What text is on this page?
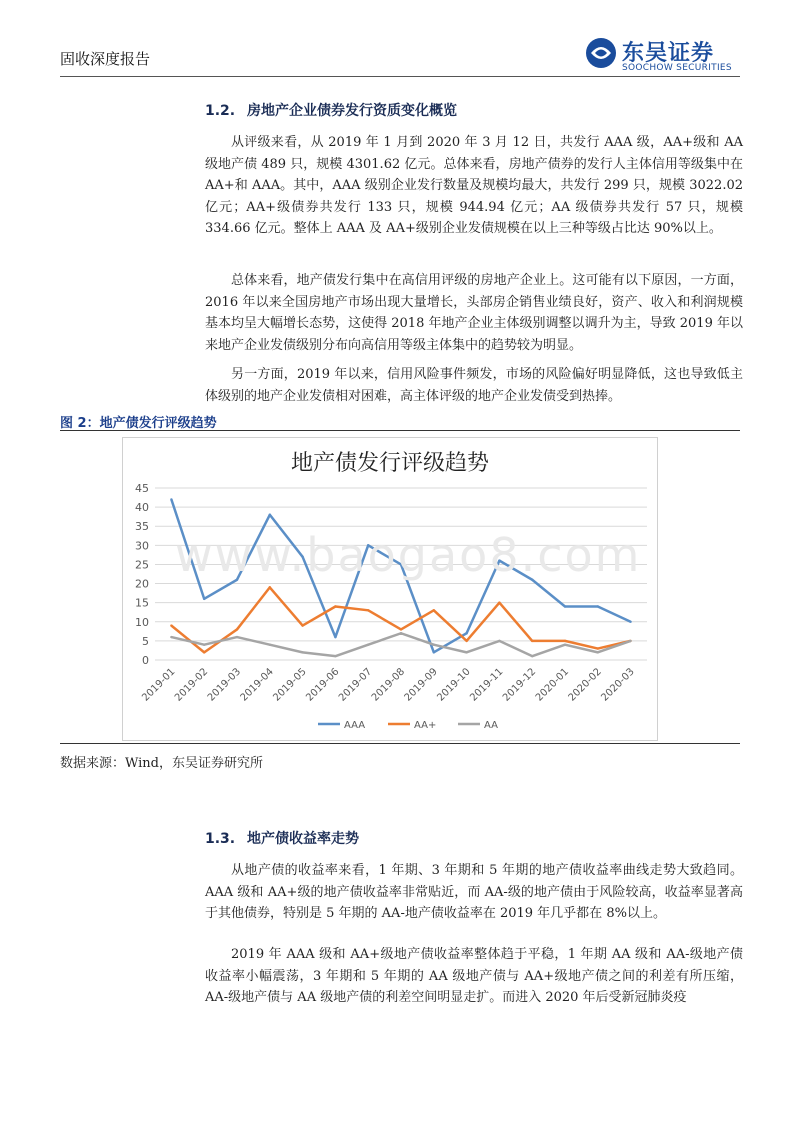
固收深度报告	东吴证券
SOOCHOW SECURITIES
1.2. 房地产企业债券发行资质变化概览
从评级来看，从 2019 年 1 月到 2020 年 3 月 12 日，共发行 AAA 级，AA+级和 AA 级地产债 489 只，规模 4301.62 亿元。总体来看，房地产债券的发行人主体信用等级集中在 AA+和 AAA。其中，AAA 级别企业发行数量及规模均最大，共发行 299 只，规模 3022.02 亿元；AA+级债券共发行 133 只，规模 944.94 亿元；AA 级债券共发行 57 只，规模 334.66 亿元。整体上 AAA 及 AA+级别企业发债规模在以上三种等级占比达 90%以上。
总体来看，地产债发行集中在高信用评级的房地产企业上。这可能有以下原因，一方面，2016 年以来全国房地产市场出现大量增长，头部房企销售业绩良好，资产、收入和利润规模基本均呈大幅增长态势，这使得 2018 年地产企业主体级别调整以调升为主，导致 2019 年以来地产企业发债级别分布向高信用等级主体集中的趋势较为明显。
另一方面，2019 年以来，信用风险事件频发，市场的风险偏好明显降低，这也导致低主体级别的地产企业发债相对困难，高主体评级的地产企业发债受到热捧。
图 2：地产债发行评级趋势
地产债发行评级趋势
0
5
10
15
20
25
30
35
40
45
2019-01
2019-02
2019-03
2019-04
2019-05
2019-06
2019-07
2019-08
2019-09
2019-10
2019-11
2019-12
2020-01
2020-02
2020-03
AAA	AA+	AA
www.baogao8.com
数据来源：Wind，东吴证券研究所
1.3. 地产债收益率走势
从地产债的收益率来看，1 年期、3 年期和 5 年期的地产债收益率曲线走势大致趋同。AAA 级和 AA+级的地产债收益率非常贴近，而 AA-级的地产债由于风险较高，收益率显著高于其他债券，特别是 5 年期的 AA-地产债收益率在 2019 年几乎都在 8%以上。
2019 年 AAA 级和 AA+级地产债收益率整体趋于平稳，1 年期 AA 级和 AA-级地产债收益率小幅震荡，3 年期和 5 年期的 AA 级地产债与 AA+级地产债之间的利差有所压缩，AA-级地产债与 AA 级地产债的利差空间明显走扩。而进入 2020 年后受新冠肺炎疫
